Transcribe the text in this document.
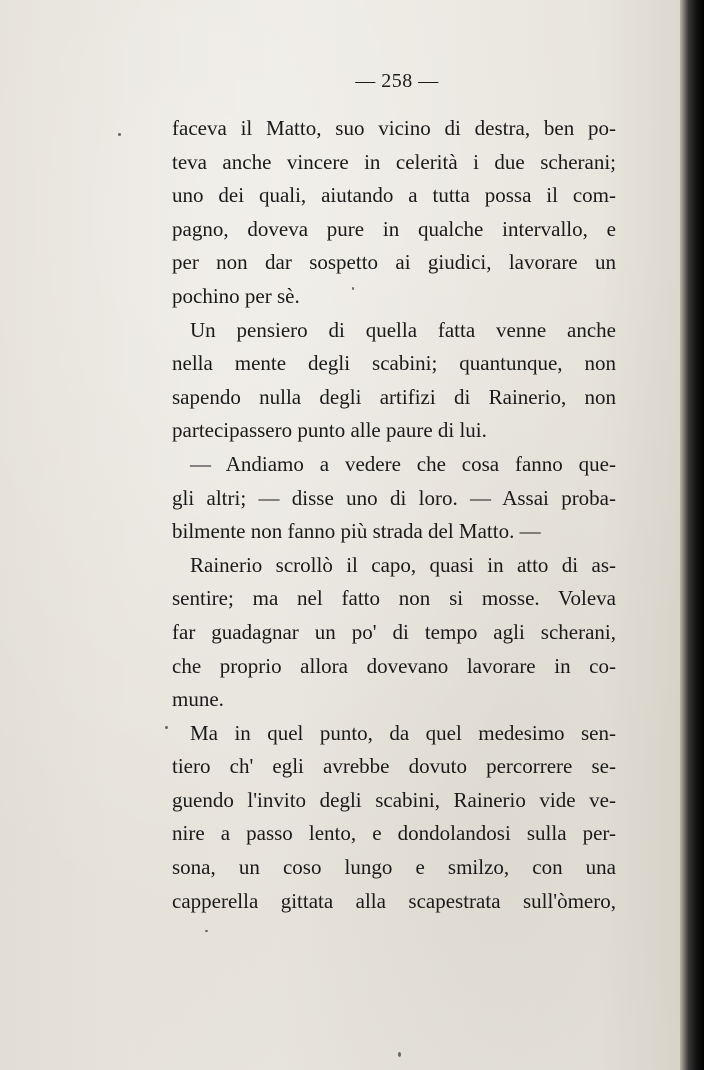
— 258 —
faceva il Matto, suo vicino di destra, ben po-
teva anche vincere in celerità i due scherani;
uno dei quali, aiutando a tutta possa il com-
pagno, doveva pure in qualche intervallo, e
per non dar sospetto ai giudici, lavorare un
pochino per sè.
Un pensiero di quella fatta venne anche
nella mente degli scabini; quantunque, non
sapendo nulla degli artifizi di Rainerio, non
partecipassero punto alle paure di lui.
— Andiamo a vedere che cosa fanno que-
gli altri; — disse uno di loro. — Assai proba-
bilmente non fanno più strada del Matto. —
Rainerio scrollò il capo, quasi in atto di as-
sentire; ma nel fatto non si mosse. Voleva
far guadagnar un po' di tempo agli scherani,
che proprio allora dovevano lavorare in co-
mune.
Ma in quel punto, da quel medesimo sen-
tiero ch' egli avrebbe dovuto percorrere se-
guendo l'invito degli scabini, Rainerio vide ve-
nire a passo lento, e dondolandosi sulla per-
sona, un coso lungo e smilzo, con una
capperella gittata alla scapestrata sull'òmero,
